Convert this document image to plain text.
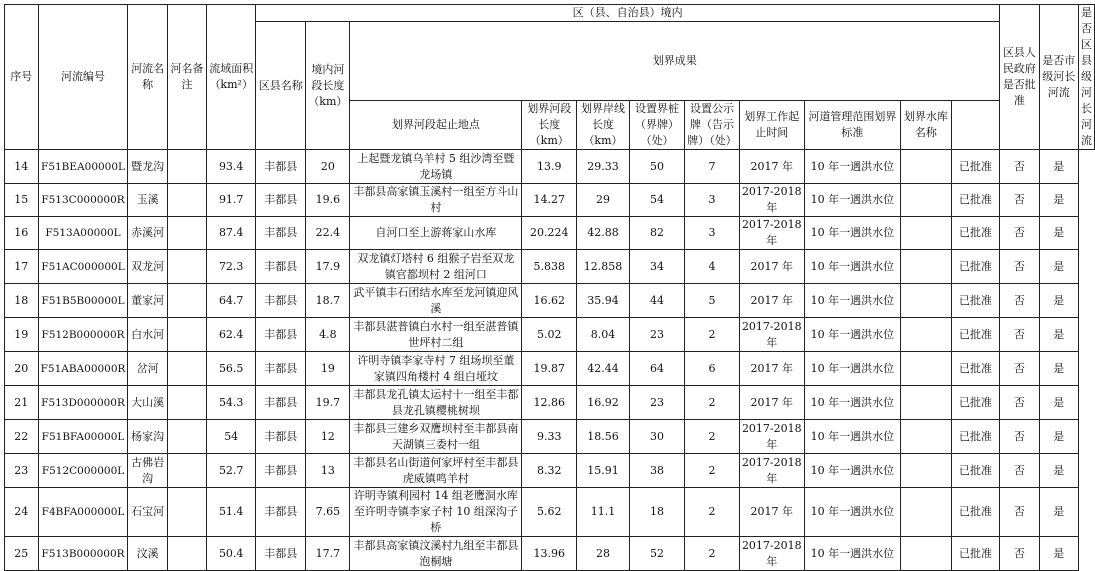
序号	河流编号	河流名称	河名备注	流域面积（km²）	区（县、自治县）境内											区县人民政府是否批准	是否市级河长河流	是否区县级河长河流
					区县名称	境内河段长度（km）	划界成果											
							划界河段起止地点	划界河段长度（km）	划界岸线长度（km）	设置界桩（界牌）（处）	设置公示牌（告示牌）（处）	划界工作起止时间	河道管理范围划界标准	划界水库名称				
14	F51BEA00000L	暨龙沟		93.4	丰都县	20	上起暨龙镇乌羊村 5 组沙湾至暨龙场镇	13.9	29.33	50	7	2017 年	10 年一遇洪水位		已批准	否	是	
15	F513C000000R	玉溪		91.7	丰都县	19.6	丰都县高家镇玉溪村一组至方斗山村	14.27	29	54	3	2017-2018 年	10 年一遇洪水位		已批准	否	是	
16	F513A00000L	赤溪河		87.4	丰都县	22.4	自河口至上游蒋家山水库	20.224	42.88	82	3	2017-2018 年	10 年一遇洪水位		已批准	否	是	
17	F51AC000000L	双龙河		72.3	丰都县	17.9	双龙镇灯塔村 6 组猴子岩至双龙镇官都坝村 2 组河口	5.838	12.858	34	4	2017 年	10 年一遇洪水位		已批准	否	是	
18	F51B5B00000L	董家河		64.7	丰都县	18.7	武平镇丰石团结水库至龙河镇迎风溪	16.62	35.94	44	5	2017 年	10 年一遇洪水位		已批准	否	是	
19	F512B000000R	白水河		62.4	丰都县	4.8	丰都县湛普镇白水村一组至湛普镇世坪村二组	5.02	8.04	23	2	2017-2018 年	10 年一遇洪水位		已批准	否	是	
20	F51ABA00000R	岔河		56.5	丰都县	19	许明寺镇李家寺村 7 组场坝至董家镇四角楼村 4 组白垭坟	19.87	42.44	64	6	2017 年	10 年一遇洪水位		已批准	否	是	
21	F513D000000R	大山溪		54.3	丰都县	19.7	丰都县龙孔镇太运村十一组至丰都县龙孔镇樱桃树坝	12.86	16.92	23	2	2017 年	10 年一遇洪水位		已批准	否	是	
22	F51BFA00000L	杨家沟		54	丰都县	12	丰都县三建乡双鹰坝村至丰都县南天湖镇三委村一组	9.33	18.56	30	2	2017-2018 年	10 年一遇洪水位		已批准	否	是	
23	F512C000000L	古佛岩沟		52.7	丰都县	13	丰都县名山街道何家坪村至丰都县虎威镇鸣羊村	8.32	15.91	38	2	2017-2018 年	10 年一遇洪水位		已批准	否	是	
24	F4BFA000000L	石宝河		51.4	丰都县	7.65	许明寺镇利园村 14 组老鹰洞水库至许明寺镇李家子村 10 组深沟子桥	5.62	11.1	18	2	2017 年	10 年一遇洪水位		已批准	否	是	
25	F513B000000R	汶溪		50.4	丰都县	17.7	丰都县高家镇汶溪村九组至丰都县泡桐塘	13.96	28	52	2	2017-2018 年	10 年一遇洪水位		已批准	否	是	
